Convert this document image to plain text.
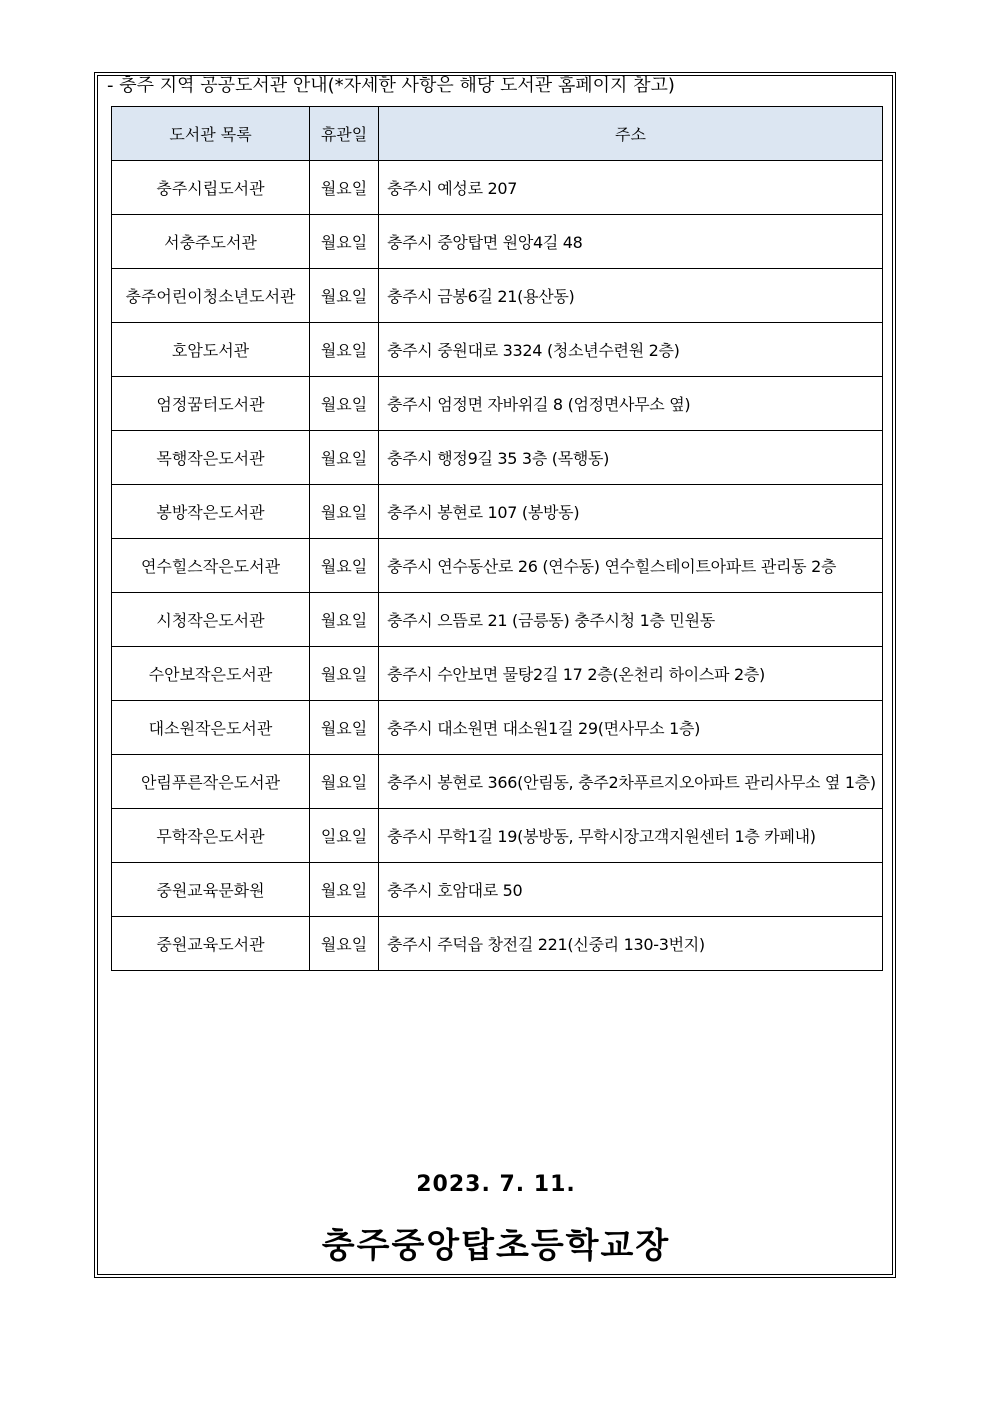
- 충주 지역 공공도서관 안내(*자세한 사항은 해당 도서관 홈페이지 참고)
도서관 목록	휴관일	주소
충주시립도서관	월요일	충주시 예성로 207
서충주도서관	월요일	충주시 중앙탑면 원앙4길 48
충주어린이청소년도서관	월요일	충주시 금봉6길 21(용산동)
호암도서관	월요일	충주시 중원대로 3324 (청소년수련원 2층)
엄정꿈터도서관	월요일	충주시 엄정면 자바위길 8 (엄정면사무소 옆)
목행작은도서관	월요일	충주시 행정9길 35 3층 (목행동)
봉방작은도서관	월요일	충주시 봉현로 107 (봉방동)
연수힐스작은도서관	월요일	충주시 연수동산로 26 (연수동) 연수힐스테이트아파트 관리동 2층
시청작은도서관	월요일	충주시 으뜸로 21 (금릉동) 충주시청 1층 민원동
수안보작은도서관	월요일	충주시 수안보면 물탕2길 17 2층(온천리 하이스파 2층)
대소원작은도서관	월요일	충주시 대소원면 대소원1길 29(면사무소 1층)
안림푸른작은도서관	월요일	충주시 봉현로 366(안림동, 충주2차푸르지오아파트 관리사무소 옆 1층)
무학작은도서관	일요일	충주시 무학1길 19(봉방동, 무학시장고객지원센터 1층 카페내)
중원교육문화원	월요일	충주시 호암대로 50
중원교육도서관	월요일	충주시 주덕읍 창전길 221(신중리 130-3번지)
2023. 7. 11.
충주중앙탑초등학교장
